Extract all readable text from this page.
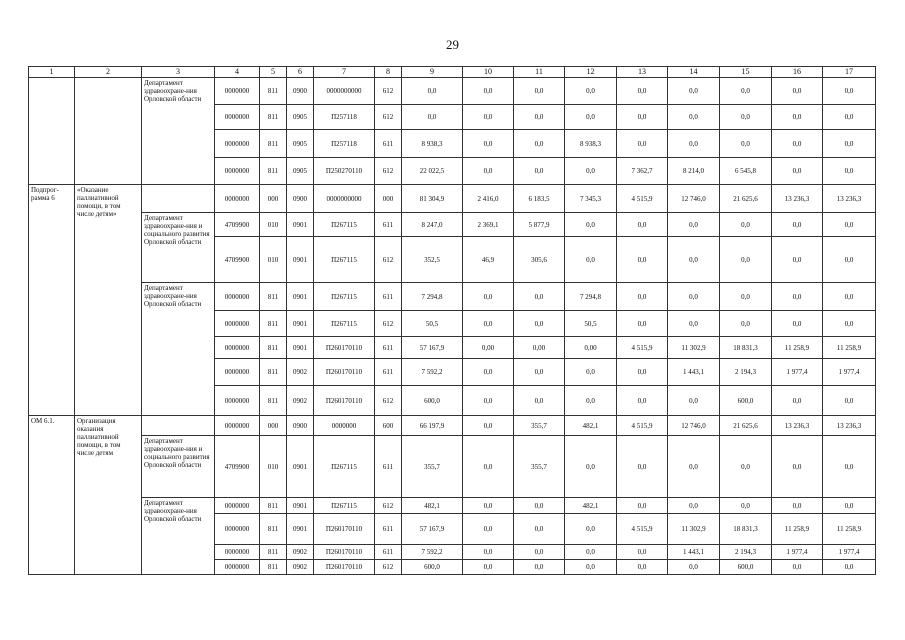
29
1	2	3	4	5	6	7	8	9	10	11	12	13	14	15	16	17
		Департамент здравоохране-ния Орловской области	0000000	811	0900	0000000000	612	0,0	0,0	0,0	0,0	0,0	0,0	0,0	0,0	0,0
			0000000	811	0905	П257118	612	0,0	0,0	0,0	0,0	0,0	0,0	0,0	0,0	0,0
			0000000	811	0905	П257118	611	8 938,3	0,0	0,0	8 938,3	0,0	0,0	0,0	0,0	0,0
			0000000	811	0905	П250270110	612	22 022,5	0,0	0,0	0,0	7 362,7	8 214,0	6 545,8	0,0	0,0
Подпрог-рамма 6	«Оказание паллиативной помощи, в том числе детям»		0000000	000	0900	0000000000	000	81 304,9	2 416,0	6 183,5	7 345,3	4 515,9	12 746,0	21 625,6	13 236,3	13 236,3
		Департамент здравоохране-ния и социального развития Орловской области	4709900	010	0901	П267115	611	8 247,0	2 369,1	5 877,9	0,0	0,0	0,0	0,0	0,0	0,0
			4709900	010	0901	П267115	612	352,5	46,9	305,6	0,0	0,0	0,0	0,0	0,0	0,0
		Департамент здравоохране-ния Орловской области	0000000	811	0901	П267115	611	7 294,8	0,0	0,0	7 294,8	0,0	0,0	0,0	0,0	0,0
			0000000	811	0901	П267115	612	50,5	0,0	0,0	50,5	0,0	0,0	0,0	0,0	0,0
			0000000	811	0901	П260170110	611	57 167,9	0,00	0,00	0,00	4 515,9	11 302,9	18 831,3	11 258,9	11 258,9
			0000000	811	0902	П260170110	611	7 592,2	0,0	0,0	0,0	0,0	1 443,1	2 194,3	1 977,4	1 977,4
			0000000	811	0902	П260170110	612	600,0	0,0	0,0	0,0	0,0	0,0	600,0	0,0	0,0
ОМ 6.1.	Организация оказания паллиативной помощи, в том числе детям		0000000	000	0900	0000000	600	66 197,9	0,0	355,7	482,1	4 515,9	12 746,0	21 625,6	13 236,3	13 236,3
		Департамент здравоохране-ния и социального развития Орловской области	4709900	010	0901	П267115	611	355,7	0,0	355,7	0,0	0,0	0,0	0,0	0,0	0,0
		Департамент здравоохране-ния Орловской области	0000000	811	0901	П267115	612	482,1	0,0	0,0	482,1	0,0	0,0	0,0	0,0	0,0
			0000000	811	0901	П260170110	611	57 167,9	0,0	0,0	0,0	4 515,9	11 302,9	18 831,3	11 258,9	11 258,9
			0000000	811	0902	П260170110	611	7 592,2	0,0	0,0	0,0	0,0	1 443,1	2 194,3	1 977,4	1 977,4
			0000000	811	0902	П260170110	612	600,0	0,0	0,0	0,0	0,0	0,0	600,0	0,0	0,0
